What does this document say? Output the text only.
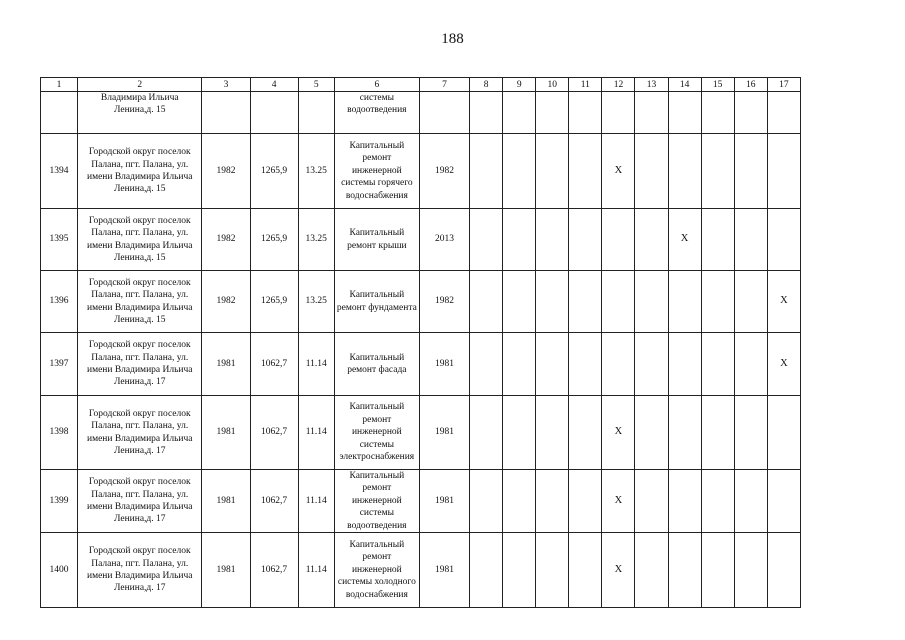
188
1	2	3	4	5	6	7	8	9	10	11	12	13	14	15	16	17
	Владимира Ильича Ленина,д. 15				системы водоотведения											
1394	Городской округ поселок Палана, пгт. Палана, ул. имени Владимира Ильича Ленина,д. 15	1982	1265,9	13.25	Капитальный ремонт инженерной системы горячего водоснабжения	1982					Х					
1395	Городской округ поселок Палана, пгт. Палана, ул. имени Владимира Ильича Ленина,д. 15	1982	1265,9	13.25	Капитальный ремонт крыши	2013							Х			
1396	Городской округ поселок Палана, пгт. Палана, ул. имени Владимира Ильича Ленина,д. 15	1982	1265,9	13.25	Капитальный ремонт фундамента	1982										Х
1397	Городской округ поселок Палана, пгт. Палана, ул. имени Владимира Ильича Ленина,д. 17	1981	1062,7	11.14	Капитальный ремонт фасада	1981										Х
1398	Городской округ поселок Палана, пгт. Палана, ул. имени Владимира Ильича Ленина,д. 17	1981	1062,7	11.14	Капитальный ремонт инженерной системы электроснабжения	1981					Х					
1399	Городской округ поселок Палана, пгт. Палана, ул. имени Владимира Ильича Ленина,д. 17	1981	1062,7	11.14	Капитальный ремонт инженерной системы водоотведения	1981					Х					
1400	Городской округ поселок Палана, пгт. Палана, ул. имени Владимира Ильича Ленина,д. 17	1981	1062,7	11.14	Капитальный ремонт инженерной системы холодного водоснабжения	1981					Х					
